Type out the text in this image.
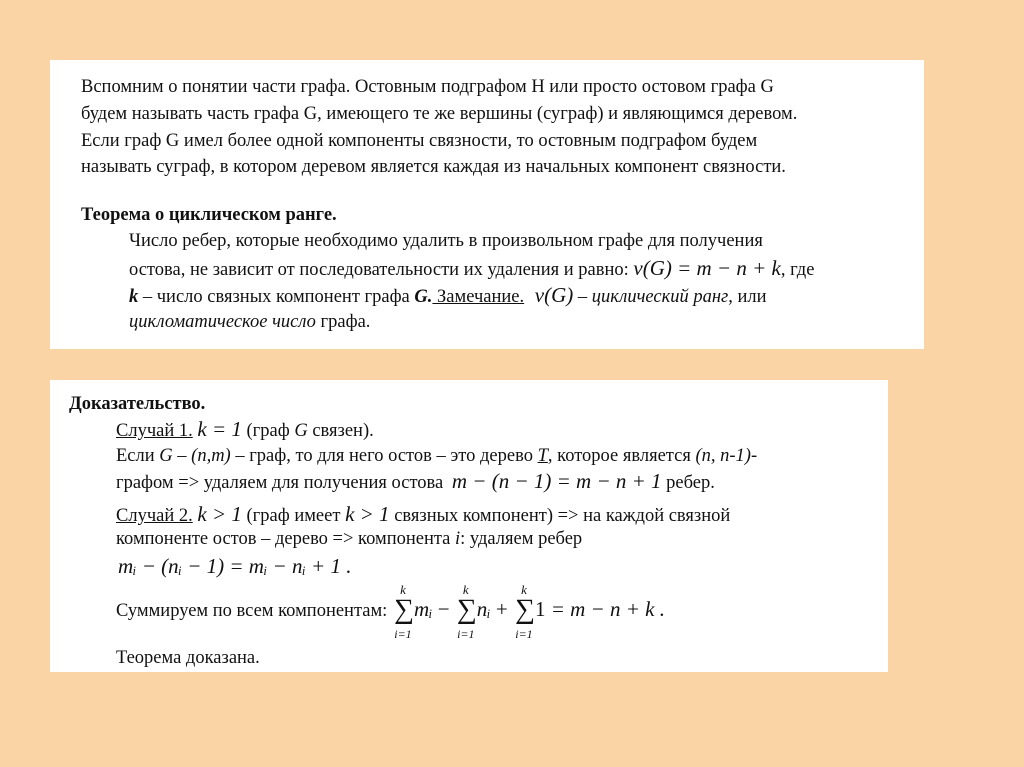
Вспомним о понятии части графа. Остовным подграфом H или просто остовом графа G
будем называть часть графа G, имеющего те же вершины (суграф) и являющимся деревом.
Если граф G имел более одной компоненты связности, то остовным подграфом будем
называть суграф, в котором деревом является каждая из начальных компонент связности.
Теорема о циклическом ранге.
Число ребер, которые необходимо удалить в произвольном графе для получения
остова, не зависит от последовательности их удаления и равно: ν(G) = m − n + k, где
k – число связных компонент графа G. Замечание. ν(G) – циклический ранг, или
цикломатическое число графа.
Доказательство.
Случай 1. k = 1 (граф G связен).
Если G – (n,m) – граф, то для него остов – это дерево T, которое является (n, n-1)-
графом => удаляем для получения остова m − (n − 1) = m − n + 1 ребер.
Случай 2. k > 1 (граф имеет k > 1 связных компонент) => на каждой связной
компоненте остов – дерево => компонента i: удаляем ребер
mᵢ − (nᵢ − 1) = mᵢ − nᵢ + 1 .
Суммируем по всем компонентам:
k
∑
i=1
mᵢ −
k
∑
i=1
nᵢ +
k
∑
i=1
1 = m − n + k .
Теорема доказана.
